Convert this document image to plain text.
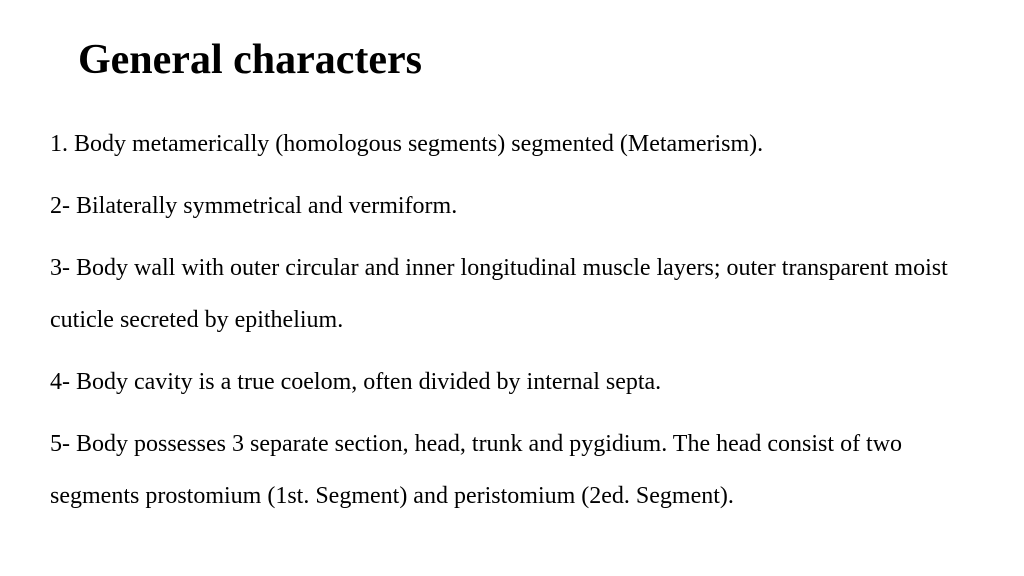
General characters
1. Body metamerically (homologous segments) segmented (Metamerism).
2- Bilaterally symmetrical and vermiform.
3- Body wall with outer circular and inner longitudinal muscle layers; outer transparent moist cuticle secreted by epithelium.
4- Body cavity is a true coelom, often divided by internal septa.
5- Body possesses 3 separate section, head, trunk and pygidium. The head consist of two segments prostomium (1st. Segment) and peristomium (2ed. Segment).
